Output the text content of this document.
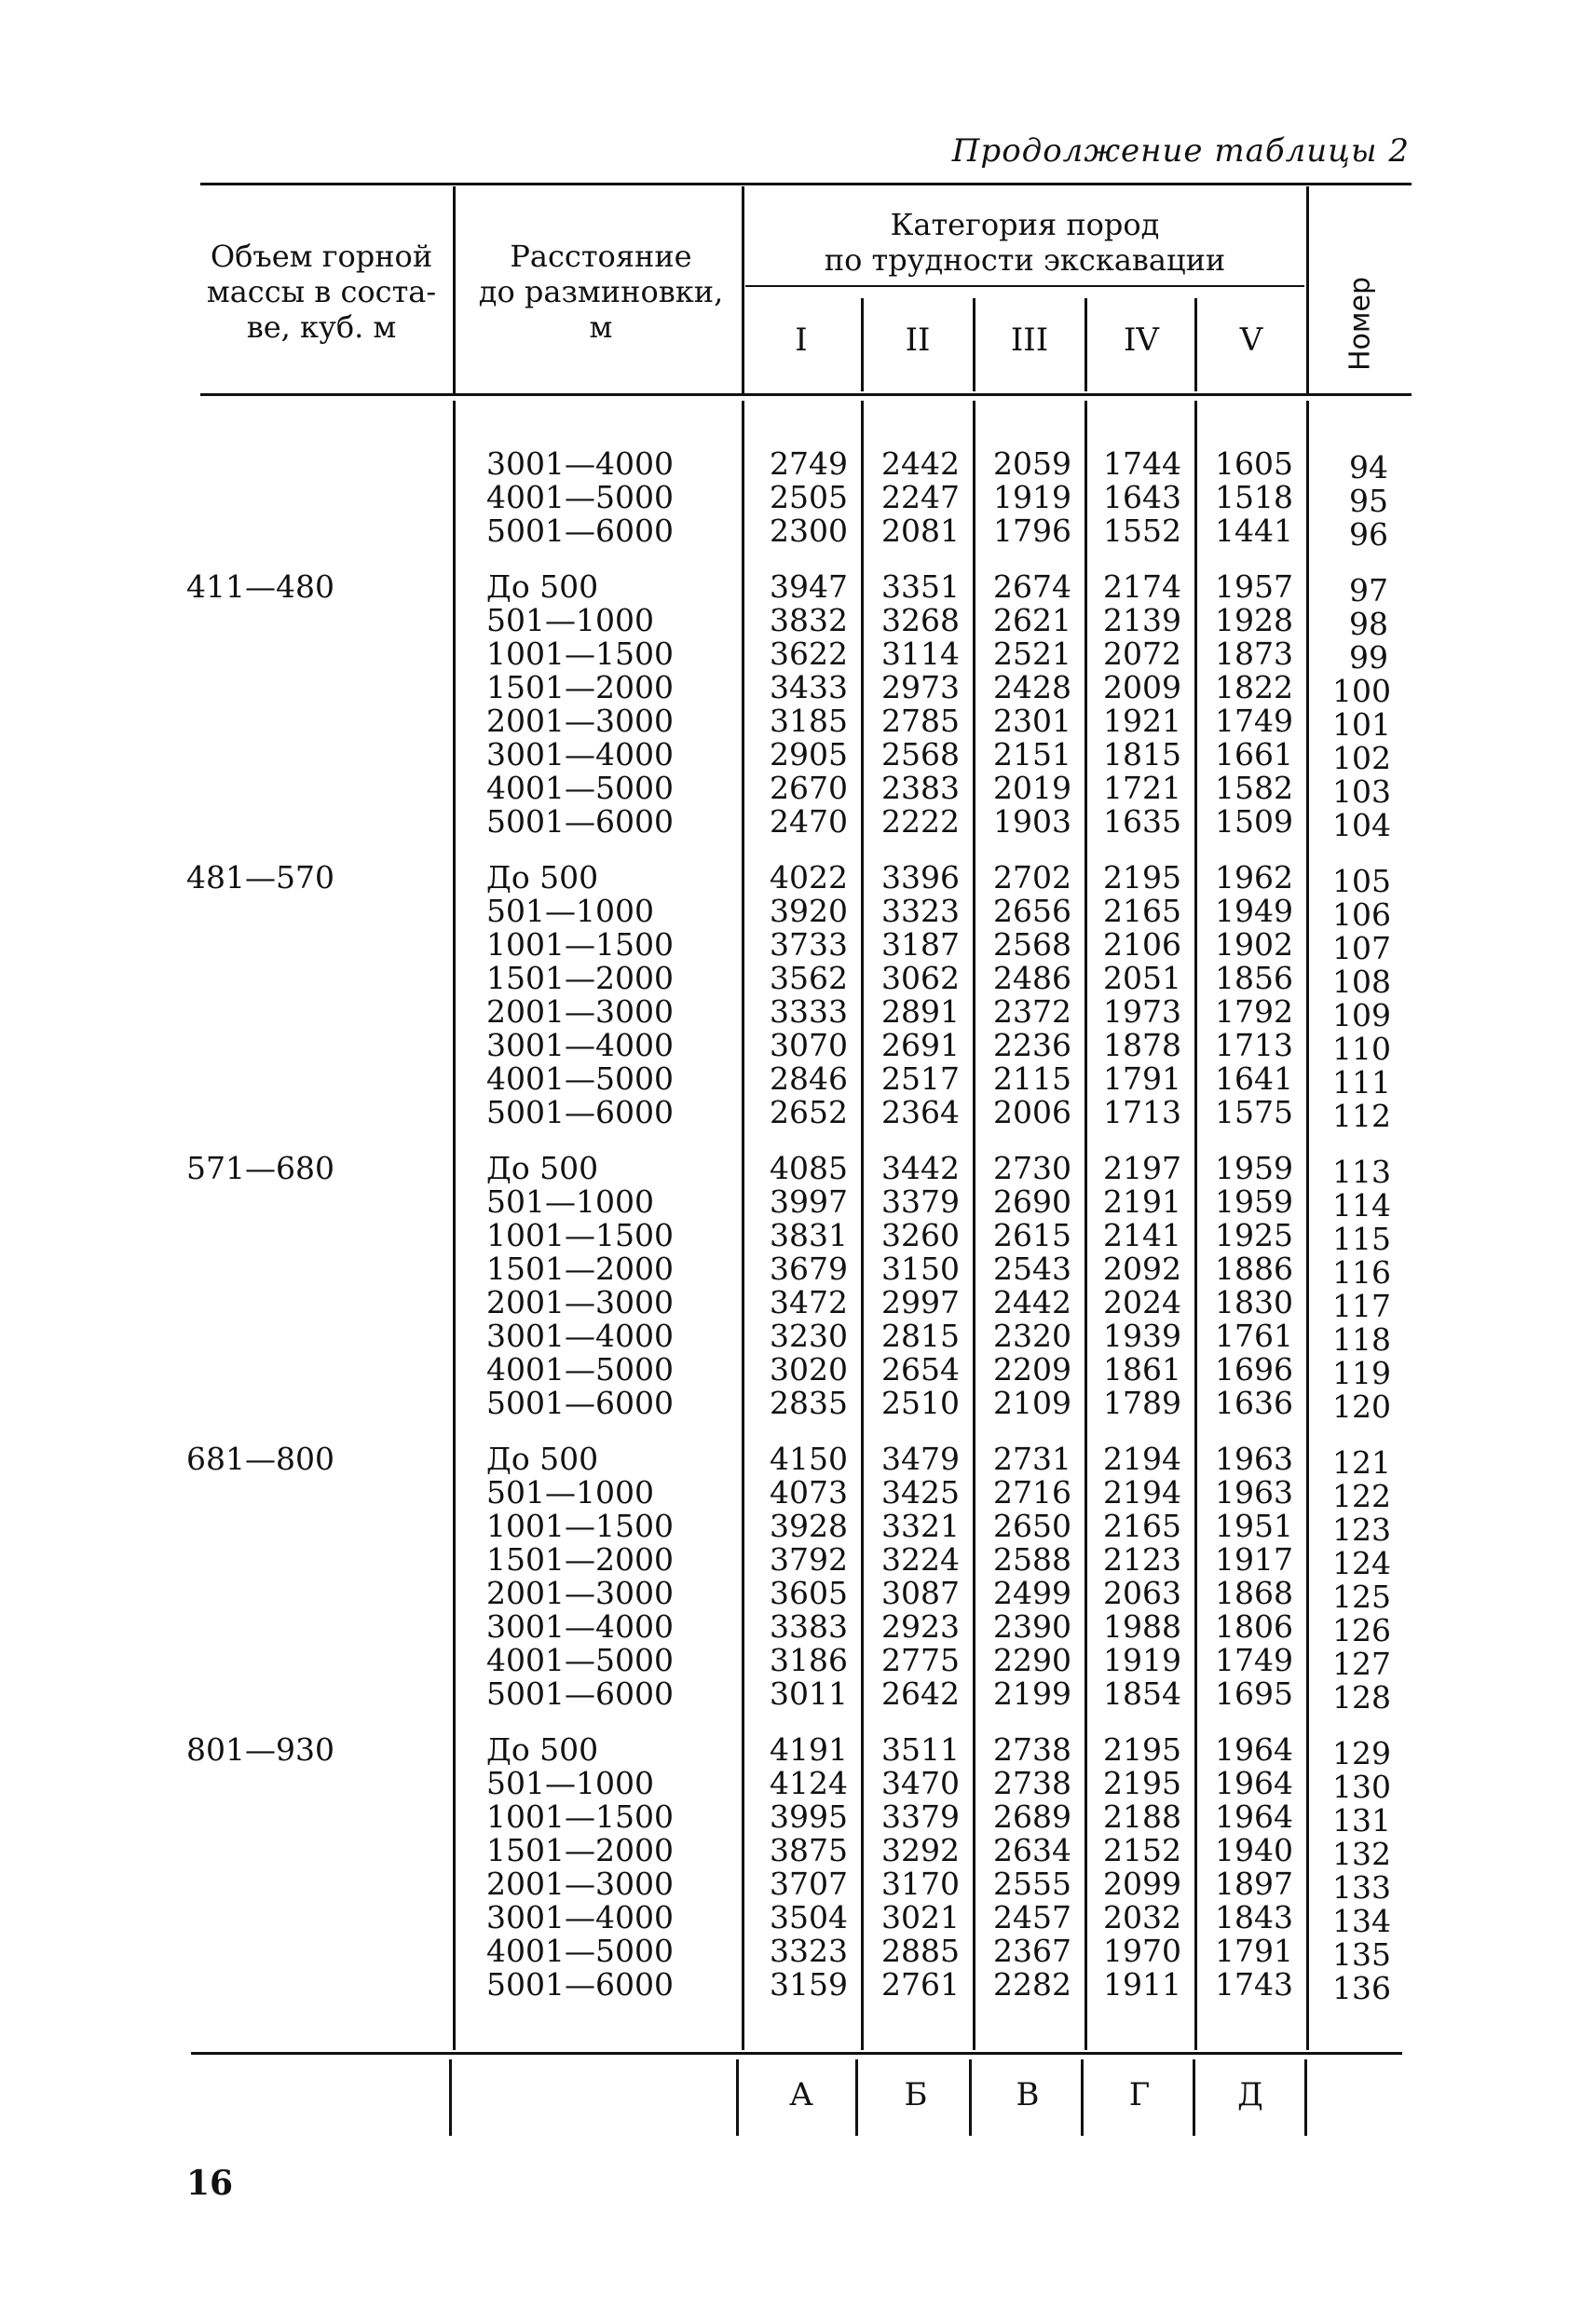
Продолжение таблицы 2
Объем горной
массы в соста-
ве, куб. м
Расстояние
до разминовки,
м
Категория пород
по трудности экскавации
I	II	III	IV	V	Номер
3001—4000	2749 2442 2059 1744 1605	94
4001—5000	2505 2247 1919 1643 1518	95
5001—6000	2300 2081 1796 1552 1441	96
411—480	До 500	3947 3351 2674 2174 1957	97
501—1000	3832 3268 2621 2139 1928	98
1001—1500	3622 3114 2521 2072 1873	99
1501—2000	3433 2973 2428 2009 1822 100
2001—3000	3185 2785 2301 1921 1749 101
3001—4000	2905 2568 2151 1815 1661 102
4001—5000	2670 2383 2019 1721 1582 103
5001—6000	2470 2222 1903 1635 1509 104
481—570	До 500	4022 3396 2702 2195 1962 105
501—1000	3920 3323 2656 2165 1949 106
1001—1500	3733 3187 2568 2106 1902 107
1501—2000	3562 3062 2486 2051 1856 108
2001—3000	3333 2891 2372 1973 1792 109
3001—4000	3070 2691 2236 1878 1713 110
4001—5000	2846 2517 2115 1791 1641 111
5001—6000	2652 2364 2006 1713 1575 112
571—680	До 500	4085 3442 2730 2197 1959 113
501—1000	3997 3379 2690 2191 1959 114
1001—1500	3831 3260 2615 2141 1925 115
1501—2000	3679 3150 2543 2092 1886 116
2001—3000	3472 2997 2442 2024 1830 117
3001—4000	3230 2815 2320 1939 1761 118
4001—5000	3020 2654 2209 1861 1696 119
5001—6000	2835 2510 2109 1789 1636 120
681—800	До 500	4150 3479 2731 2194 1963 121
501—1000	4073 3425 2716 2194 1963 122
1001—1500	3928 3321 2650 2165 1951 123
1501—2000	3792 3224 2588 2123 1917 124
2001—3000	3605 3087 2499 2063 1868 125
3001—4000	3383 2923 2390 1988 1806 126
4001—5000	3186 2775 2290 1919 1749 127
5001—6000	3011 2642 2199 1854 1695 128
801—930	До 500	4191 3511 2738 2195 1964 129
501—1000	4124 3470 2738 2195 1964 130
1001—1500	3995 3379 2689 2188 1964 131
1501—2000	3875 3292 2634 2152 1940 132
2001—3000	3707 3170 2555 2099 1897 133
3001—4000	3504 3021 2457 2032 1843 134
4001—5000	3323 2885 2367 1970 1791 135
5001—6000	3159 2761 2282 1911 1743 136
А	Б	В	Г	Д
16
